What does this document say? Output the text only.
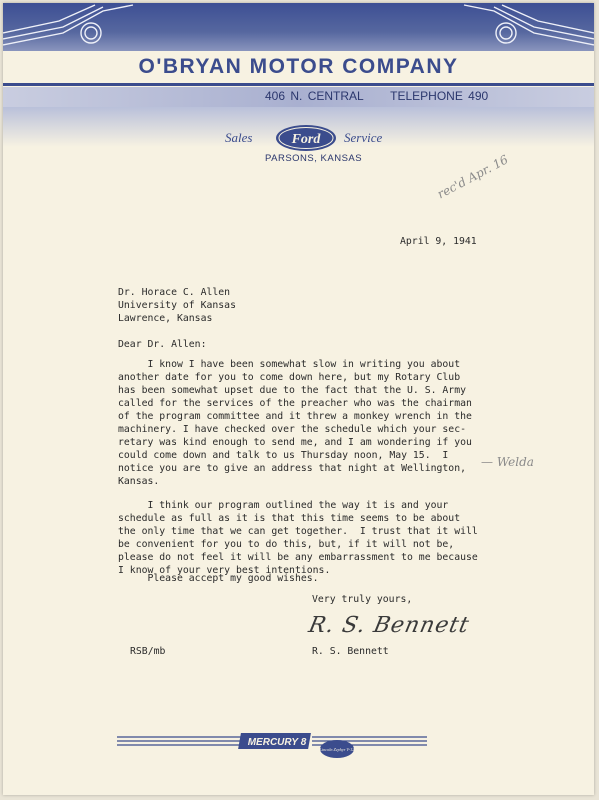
O'BRYAN MOTOR COMPANY
406 N. CENTRAL TELEPHONE 490
Sales	Ford Service
PARSONS, KANSAS	rec'd Apr. 16
April 9, 1941
Dr. Horace C. Allen
University of Kansas
Lawrence, Kansas
Dear Dr. Allen:
I know I have been somewhat slow in writing you about
another date for you to come down here, but my Rotary Club
has been somewhat upset due to the fact that the U. S. Army
called for the services of the preacher who was the chairman
of the program committee and it threw a monkey wrench in the
machinery. I have checked over the schedule which your sec-
retary was kind enough to send me, and I am wondering if you
could come down and talk to us Thursday noon, May 15.  I
notice you are to give an address that night at Wellington,
Kansas.
— Welda
I think our program outlined the way it is and your
schedule as full as it is that this time seems to be about
the only time that we can get together.  I trust that it will
be convenient for you to do this, but, if it will not be,
please do not feel it will be any embarrassment to me because
I know of your very best intentions.
Please accept my good wishes.
Very truly yours,
R. S. Bennett
RSB/mb	R. S. Bennett
MERCURY 8
Lincoln Zephyr V-12
